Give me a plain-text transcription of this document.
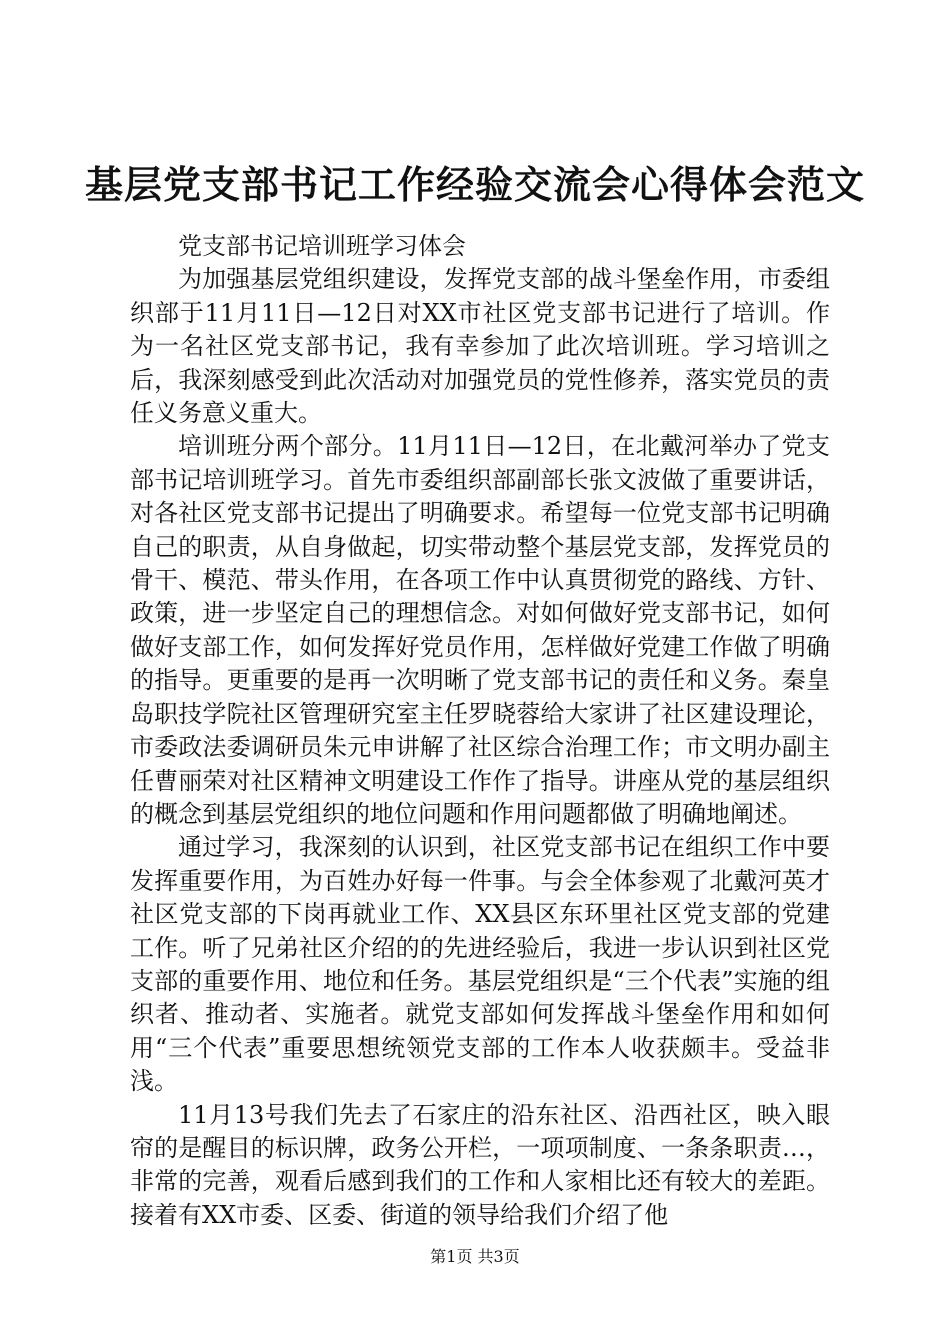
基层党支部书记工作经验交流会心得体会范文

党支部书记培训班学习体会

为加强基层党组织建设，发挥党支部的战斗堡垒作用，市委组织部于11月11日—12日对XX市社区党支部书记进行了培训。作为一名社区党支部书记，我有幸参加了此次培训班。学习培训之后，我深刻感受到此次活动对加强党员的党性修养，落实党员的责任义务意义重大。

培训班分两个部分。11月11日—12日，在北戴河举办了党支部书记培训班学习。首先市委组织部副部长张文波做了重要讲话，对各社区党支部书记提出了明确要求。希望每一位党支部书记明确自己的职责，从自身做起，切实带动整个基层党支部，发挥党员的骨干、模范、带头作用，在各项工作中认真贯彻党的路线、方针、政策，进一步坚定自己的理想信念。对如何做好党支部书记，如何做好支部工作，如何发挥好党员作用，怎样做好党建工作做了明确的指导。更重要的是再一次明晰了党支部书记的责任和义务。秦皇岛职技学院社区管理研究室主任罗晓蓉给大家讲了社区建设理论，市委政法委调研员朱元申讲解了社区综合治理工作；市文明办副主任曹丽荣对社区精神文明建设工作作了指导。讲座从党的基层组织的概念到基层党组织的地位问题和作用问题都做了明确地阐述。

通过学习，我深刻的认识到，社区党支部书记在组织工作中要发挥重要作用，为百姓办好每一件事。与会全体参观了北戴河英才社区党支部的下岗再就业工作、XX县区东环里社区党支部的党建工作。听了兄弟社区介绍的的先进经验后，我进一步认识到社区党支部的重要作用、地位和任务。基层党组织是“三个代表”实施的组织者、推动者、实施者。就党支部如何发挥战斗堡垒作用和如何用“三个代表”重要思想统领党支部的工作本人收获颇丰。受益非浅。

11月13号我们先去了石家庄的沿东社区、沿西社区，映入眼帘的是醒目的标识牌，政务公开栏，一项项制度、一条条职责…，非常的完善，观看后感到我们的工作和人家相比还有较大的差距。接着有XX市委、区委、街道的领导给我们介绍了他

第1页 共3页
